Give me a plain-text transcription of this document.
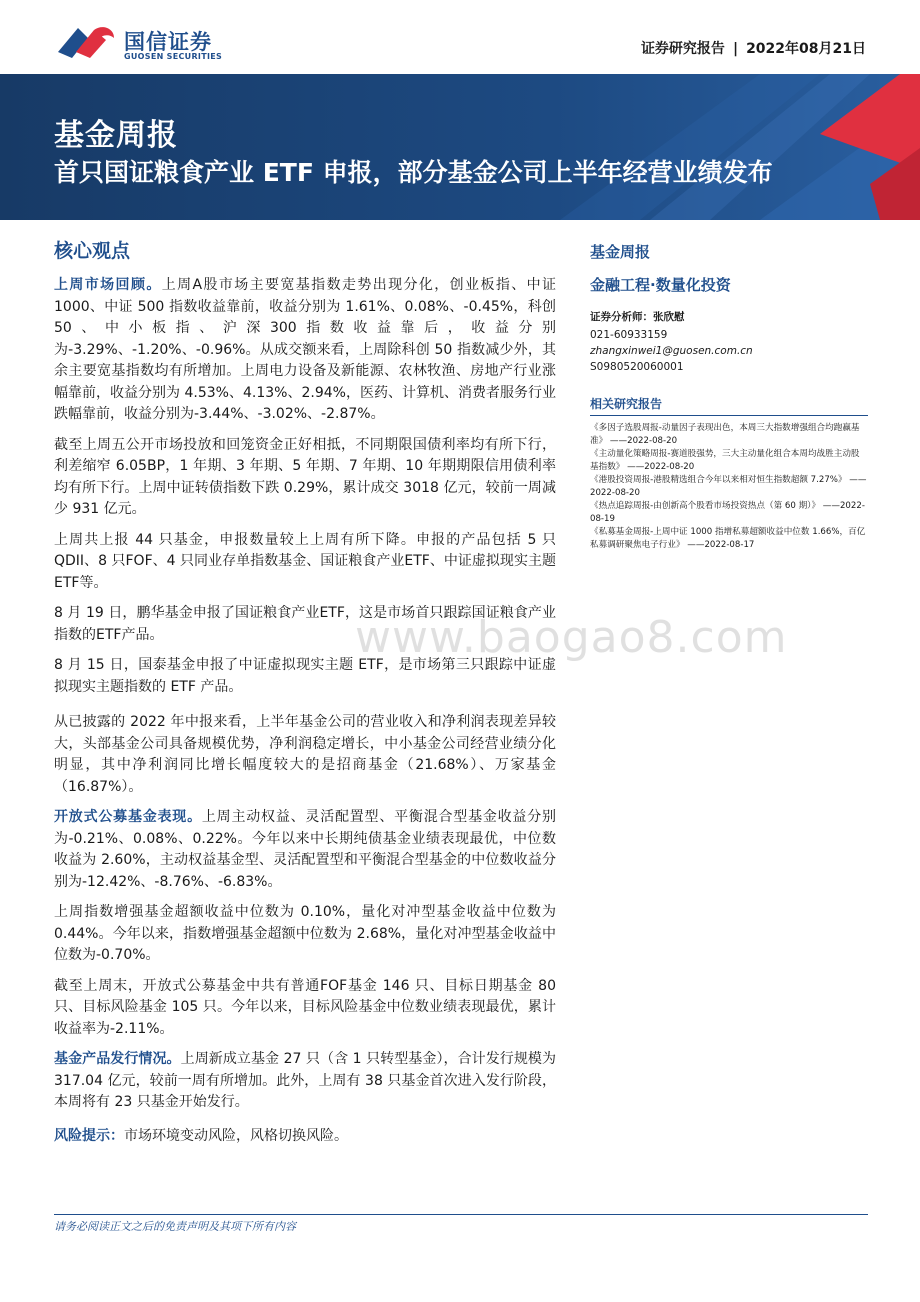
国信证券
GUOSEN SECURITIES	证券研究报告 | 2022年08月21日
基金周报
首只国证粮食产业 ETF 申报，部分基金公司上半年经营业绩发布
核心观点

上周市场回顾。上周A股市场主要宽基指数走势出现分化，创业板指、中证 1000、中证 500 指数收益靠前，收益分别为 1.61%、0.08%、-0.45%，科创50、中小板指、沪深300指数收益靠后，收益分别为-3.29%、-1.20%、-0.96%。从成交额来看，上周除科创 50 指数减少外，其余主要宽基指数均有所增加。上周电力设备及新能源、农林牧渔、房地产行业涨幅靠前，收益分别为 4.53%、4.13%、2.94%，医药、计算机、消费者服务行业跌幅靠前，收益分别为-3.44%、-3.02%、-2.87%。

截至上周五公开市场投放和回笼资金正好相抵，不同期限国债利率均有所下行，利差缩窄 6.05BP，1 年期、3 年期、5 年期、7 年期、10 年期期限信用债利率均有所下行。上周中证转债指数下跌 0.29%，累计成交 3018 亿元，较前一周减少 931 亿元。

上周共上报 44 只基金，申报数量较上上周有所下降。申报的产品包括 5 只QDII、8 只FOF、4 只同业存单指数基金、国证粮食产业ETF、中证虚拟现实主题ETF等。

8 月 19 日，鹏华基金申报了国证粮食产业ETF，这是市场首只跟踪国证粮食产业指数的ETF产品。

8 月 15 日，国泰基金申报了中证虚拟现实主题 ETF，是市场第三只跟踪中证虚拟现实主题指数的 ETF 产品。

从已披露的 2022 年中报来看，上半年基金公司的营业收入和净利润表现差异较大，头部基金公司具备规模优势，净利润稳定增长，中小基金公司经营业绩分化明显，其中净利润同比增长幅度较大的是招商基金（21.68%）、万家基金（16.87%）。

开放式公募基金表现。上周主动权益、灵活配置型、平衡混合型基金收益分别为-0.21%、0.08%、0.22%。今年以来中长期纯债基金业绩表现最优，中位数收益为 2.60%，主动权益基金型、灵活配置型和平衡混合型基金的中位数收益分别为-12.42%、-8.76%、-6.83%。

上周指数增强基金超额收益中位数为 0.10%，量化对冲型基金收益中位数为 0.44%。今年以来，指数增强基金超额中位数为 2.68%，量化对冲型基金收益中位数为-0.70%。

截至上周末，开放式公募基金中共有普通FOF基金 146 只、目标日期基金 80 只、目标风险基金 105 只。今年以来，目标风险基金中位数业绩表现最优，累计收益率为-2.11%。

基金产品发行情况。上周新成立基金 27 只（含 1 只转型基金），合计发行规模为 317.04 亿元，较前一周有所增加。此外，上周有 38 只基金首次进入发行阶段，本周将有 23 只基金开始发行。

风险提示：市场环境变动风险，风格切换风险。
基金周报
金融工程·数量化投资
证券分析师：张欣慰
021-60933159
zhangxinwei1@guosen.com.cn
S0980520060001
相关研究报告
《多因子选股周报-动量因子表现出色，本周三大指数增强组合均跑赢基准》 ——2022-08-20
《主动量化策略周报-赛道股强势，三大主动量化组合本周均战胜主动股基指数》 ——2022-08-20
《港股投资周报-港股精选组合今年以来相对恒生指数超额 7.27%》 ——2022-08-20
《热点追踪周报-由创新高个股看市场投资热点（第 60 期）》 ——2022-08-19
《私募基金周报-上周中证 1000 指增私募超额收益中位数 1.66%，百亿私募调研聚焦电子行业》 ——2022-08-17
www.baogao8.com
请务必阅读正文之后的免责声明及其项下所有内容
